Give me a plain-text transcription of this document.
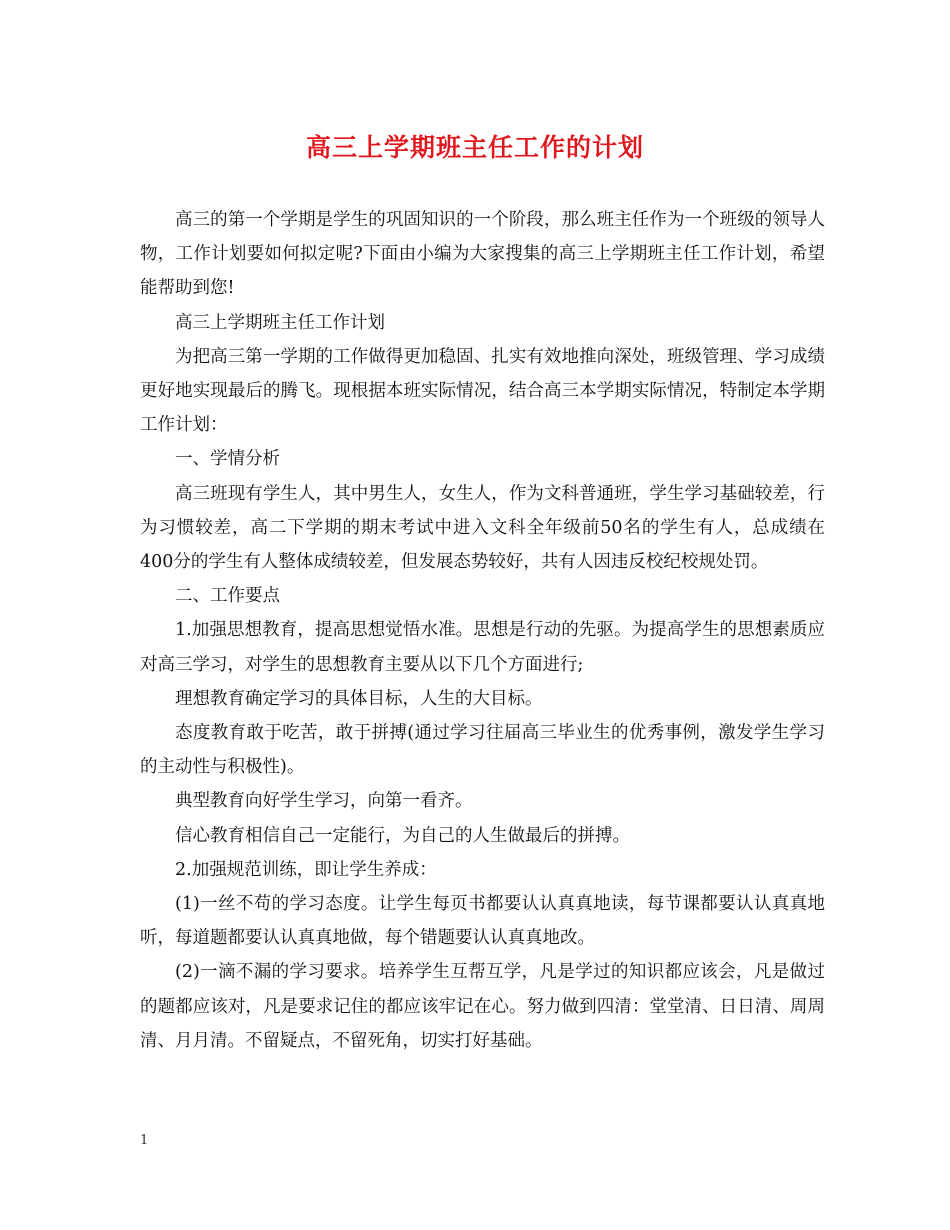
高三上学期班主任工作的计划

高三的第一个学期是学生的巩固知识的一个阶段，那么班主任作为一个班级的领导人物，工作计划要如何拟定呢?下面由小编为大家搜集的高三上学期班主任工作计划，希望能帮助到您!

高三上学期班主任工作计划

为把高三第一学期的工作做得更加稳固、扎实有效地推向深处，班级管理、学习成绩更好地实现最后的腾飞。现根据本班实际情况，结合高三本学期实际情况，特制定本学期工作计划：

一、学情分析

高三班现有学生人，其中男生人，女生人，作为文科普通班，学生学习基础较差，行为习惯较差，高二下学期的期末考试中进入文科全年级前50名的学生有人，总成绩在400分的学生有人整体成绩较差，但发展态势较好，共有人因违反校纪校规处罚。

二、工作要点

1.加强思想教育，提高思想觉悟水准。思想是行动的先驱。为提高学生的思想素质应对高三学习，对学生的思想教育主要从以下几个方面进行;

理想教育确定学习的具体目标，人生的大目标。

态度教育敢于吃苦，敢于拼搏(通过学习往届高三毕业生的优秀事例，激发学生学习的主动性与积极性)。

典型教育向好学生学习，向第一看齐。

信心教育相信自己一定能行，为自己的人生做最后的拼搏。

2.加强规范训练，即让学生养成：

(1)一丝不苟的学习态度。让学生每页书都要认认真真地读，每节课都要认认真真地听，每道题都要认认真真地做，每个错题要认认真真地改。

(2)一滴不漏的学习要求。培养学生互帮互学，凡是学过的知识都应该会，凡是做过的题都应该对，凡是要求记住的都应该牢记在心。努力做到四清：堂堂清、日日清、周周清、月月清。不留疑点，不留死角，切实打好基础。

1
